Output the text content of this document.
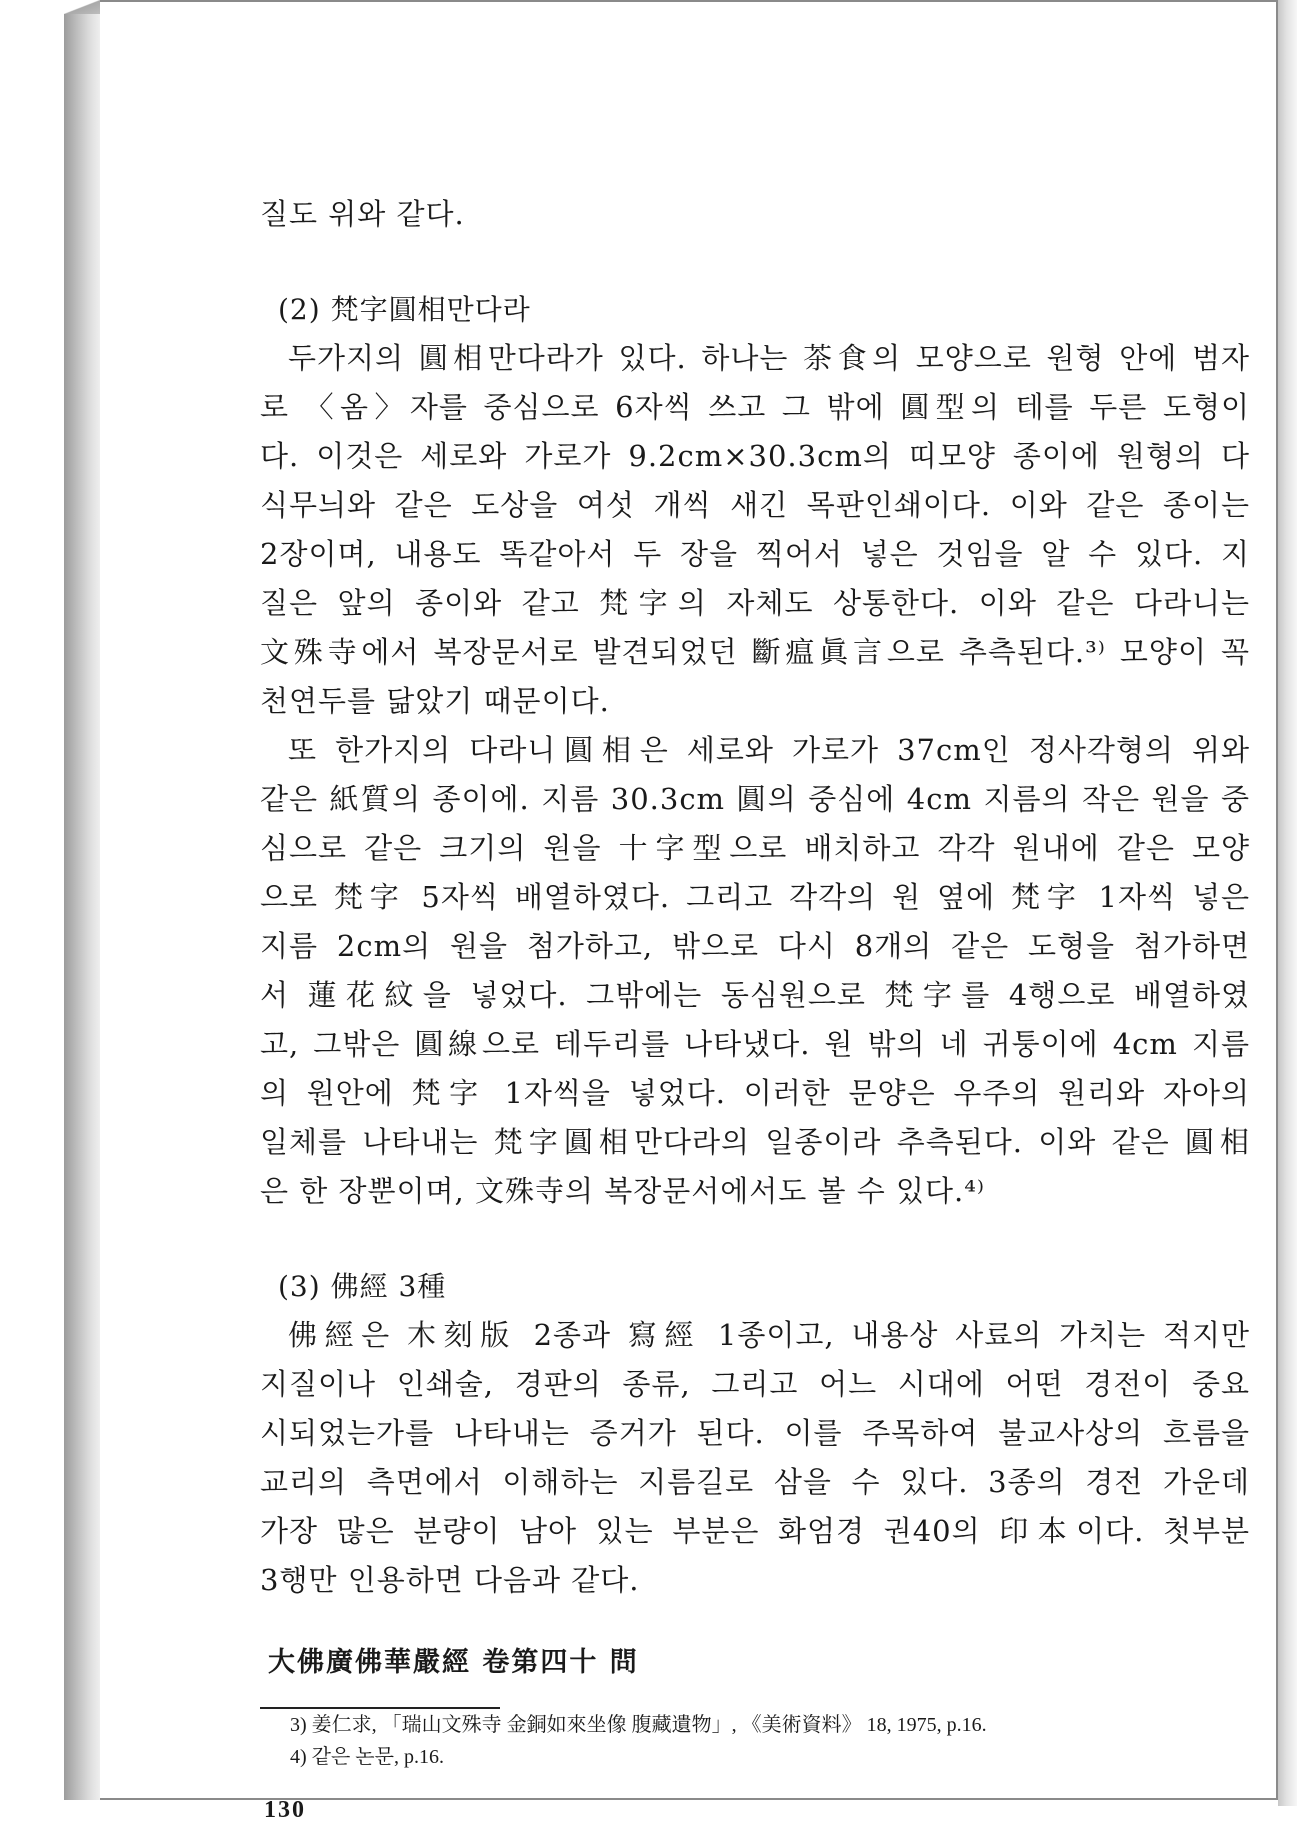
질도 위와 같다.
(2) 梵字圓相만다라
두가지의 圓相만다라가 있다. 하나는 茶食의 모양으로 원형 안에 범자
로 〈옴〉자를 중심으로 6자씩 쓰고 그 밖에 圓型의 테를 두른 도형이
다. 이것은 세로와 가로가 9.2cm×30.3cm의 띠모양 종이에 원형의 다
식무늬와 같은 도상을 여섯 개씩 새긴 목판인쇄이다. 이와 같은 종이는
2장이며, 내용도 똑같아서 두 장을 찍어서 넣은 것임을 알 수 있다. 지
질은 앞의 종이와 같고 梵字의 자체도 상통한다. 이와 같은 다라니는
文殊寺에서 복장문서로 발견되었던 斷瘟眞言으로 추측된다.³⁾ 모양이 꼭
천연두를 닮았기 때문이다.
또 한가지의 다라니圓相은 세로와 가로가 37cm인 정사각형의 위와
같은 紙質의 종이에. 지름 30.3cm 圓의 중심에 4cm 지름의 작은 원을 중
심으로 같은 크기의 원을 十字型으로 배치하고 각각 원내에 같은 모양
으로 梵字 5자씩 배열하였다. 그리고 각각의 원 옆에 梵字 1자씩 넣은
지름 2cm의 원을 첨가하고, 밖으로 다시 8개의 같은 도형을 첨가하면
서 蓮花紋을 넣었다. 그밖에는 동심원으로 梵字를 4행으로 배열하였
고, 그밖은 圓線으로 테두리를 나타냈다. 원 밖의 네 귀퉁이에 4cm 지름
의 원안에 梵字 1자씩을 넣었다. 이러한 문양은 우주의 원리와 자아의
일체를 나타내는 梵字圓相만다라의 일종이라 추측된다. 이와 같은 圓相
은 한 장뿐이며, 文殊寺의 복장문서에서도 볼 수 있다.⁴⁾
(3) 佛經 3種
佛經은 木刻版 2종과 寫經 1종이고, 내용상 사료의 가치는 적지만
지질이나 인쇄술, 경판의 종류, 그리고 어느 시대에 어떤 경전이 중요
시되었는가를 나타내는 증거가 된다. 이를 주목하여 불교사상의 흐름을
교리의 측면에서 이해하는 지름길로 삼을 수 있다. 3종의 경전 가운데
가장 많은 분량이 남아 있는 부분은 화엄경 권40의 印本이다. 첫부분
3행만 인용하면 다음과 같다.
大佛廣佛華嚴經 卷第四十 問
3) 姜仁求, 「瑞山文殊寺 金銅如來坐像 腹藏遺物」, 《美術資料》 18, 1975, p.16.
4) 같은 논문, p.16.
130
